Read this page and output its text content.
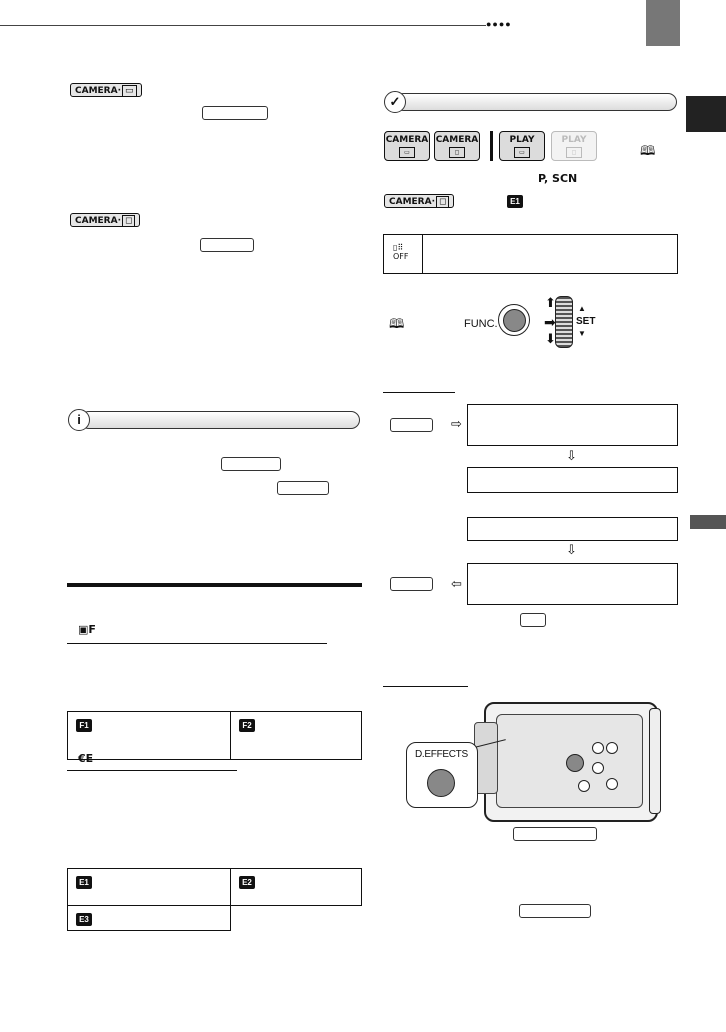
●●●●
CAMERA· ▭
CAMERA· ◻
i
▣F
F1	F2
€E
E1	E2
E3	
✓
CAMERA
▭
CAMERA
◻
PLAY
▭
PLAY
◻	🕮
P, SCN
CAMERA· ◻	E1
▯⠿
OFF
🕮	FUNC.
⬆
⬇
➡
▲
SET
▼
⇨
⇩
⇩
⇦
D.EFFECTS
